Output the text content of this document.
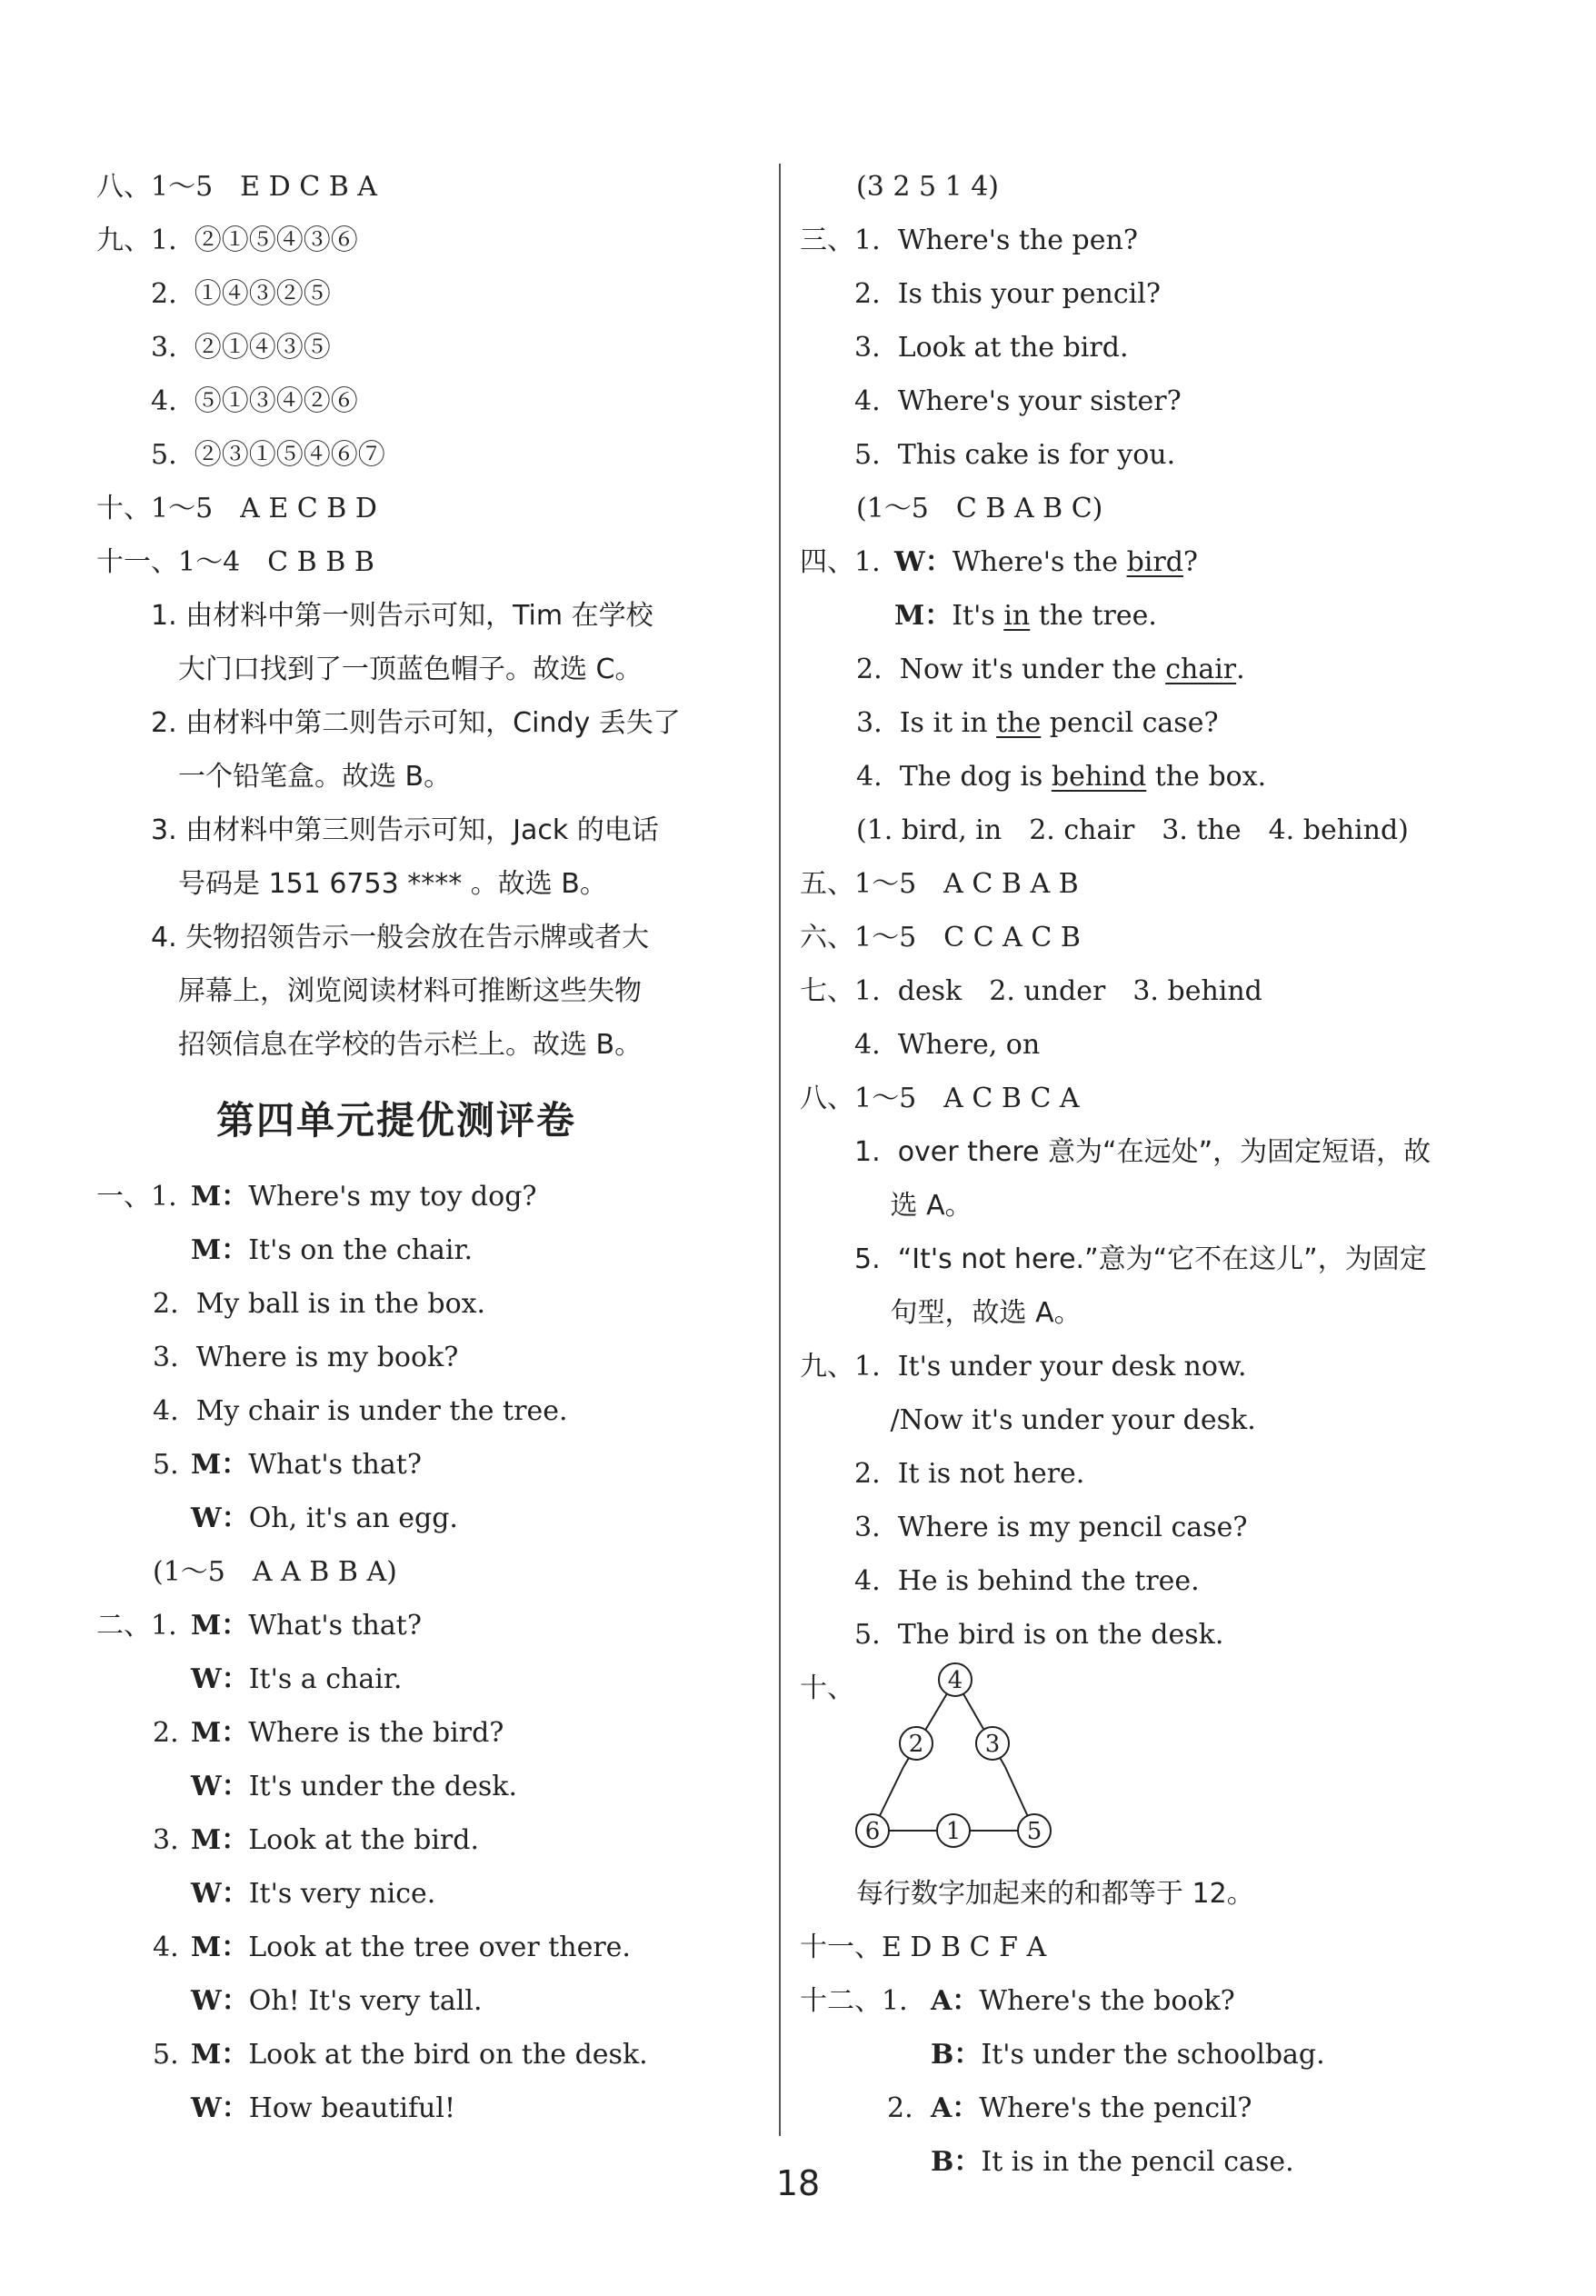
八、1～5　E D C B A
九、1.  ②①⑤④③⑥
　　2.  ①④③②⑤
　　3.  ②①④③⑤
　　4.  ⑤①③④②⑥
　　5.  ②③①⑤④⑥⑦
十、1～5　A E C B D
十一、1～4　C B B B
　　1. 由材料中第一则告示可知，Tim 在学校
　　　大门口找到了一顶蓝色帽子。故选 C。
　　2. 由材料中第二则告示可知，Cindy 丢失了
　　　一个铅笔盒。故选 B。
　　3. 由材料中第三则告示可知，Jack 的电话
　　　号码是 151 6753 **** 。故选 B。
　　4. 失物招领告示一般会放在告示牌或者大
　　　屏幕上，浏览阅读材料可推断这些失物
　　　招领信息在学校的告示栏上。故选 B。
第四单元提优测评卷
一、1. M： Where's my toy dog?
M： It's on the chair.
2.  My ball is in the box.
3.  Where is my book?
4.  My chair is under the tree.
5. M： What's that?
W： Oh, it's an egg.
(1～5　A A B B A)
二、1. M： What's that?
W： It's a chair.
2. M： Where is the bird?
W： It's under the desk.
3. M： Look at the bird.
W： It's very nice.
4. M： Look at the tree over there.
W： Oh! It's very tall.
5. M： Look at the bird on the desk.
W： How beautiful!
(3 2 5 1 4)
三、1.  Where's the pen?
　　2.  Is this your pencil?
　　3.  Look at the bird.
　　4.  Where's your sister?
　　5.  This cake is for you.
(1～5　C B A B C)
四、1. W： Where's the bird ?
M： It's in the tree.
2.  Now it's under the chair .
3.  Is it in the pencil case?
4.  The dog is behind the box.
(1. bird, in　2. chair　3. the　4. behind)
五、1～5　A C B A B
六、1～5　C C A C B
七、1.  desk　2. under　3. behind
　　4.  Where, on
八、1～5　A C B C A
　　1.  over there 意为“在远处”，为固定短语，故
　　　 选 A。
　　5.  “It's not here.”意为“它不在这儿”，为固定
　　　 句型，故选 A。
九、1.  It's under your desk now.
　　　 /Now it's under your desk.
　　2.  It is not here.
　　3.  Where is my pencil case?
　　4.  He is behind the tree.
　　5.  The bird is on the desk.
十、	4
2	3
6	1	5
每行数字加起来的和都等于 12。
十一、E D B C F A
十二、1. A： Where's the book?
B： It's under the schoolbag.
2. A： Where's the pencil?
B： It is in the pencil case.
18
